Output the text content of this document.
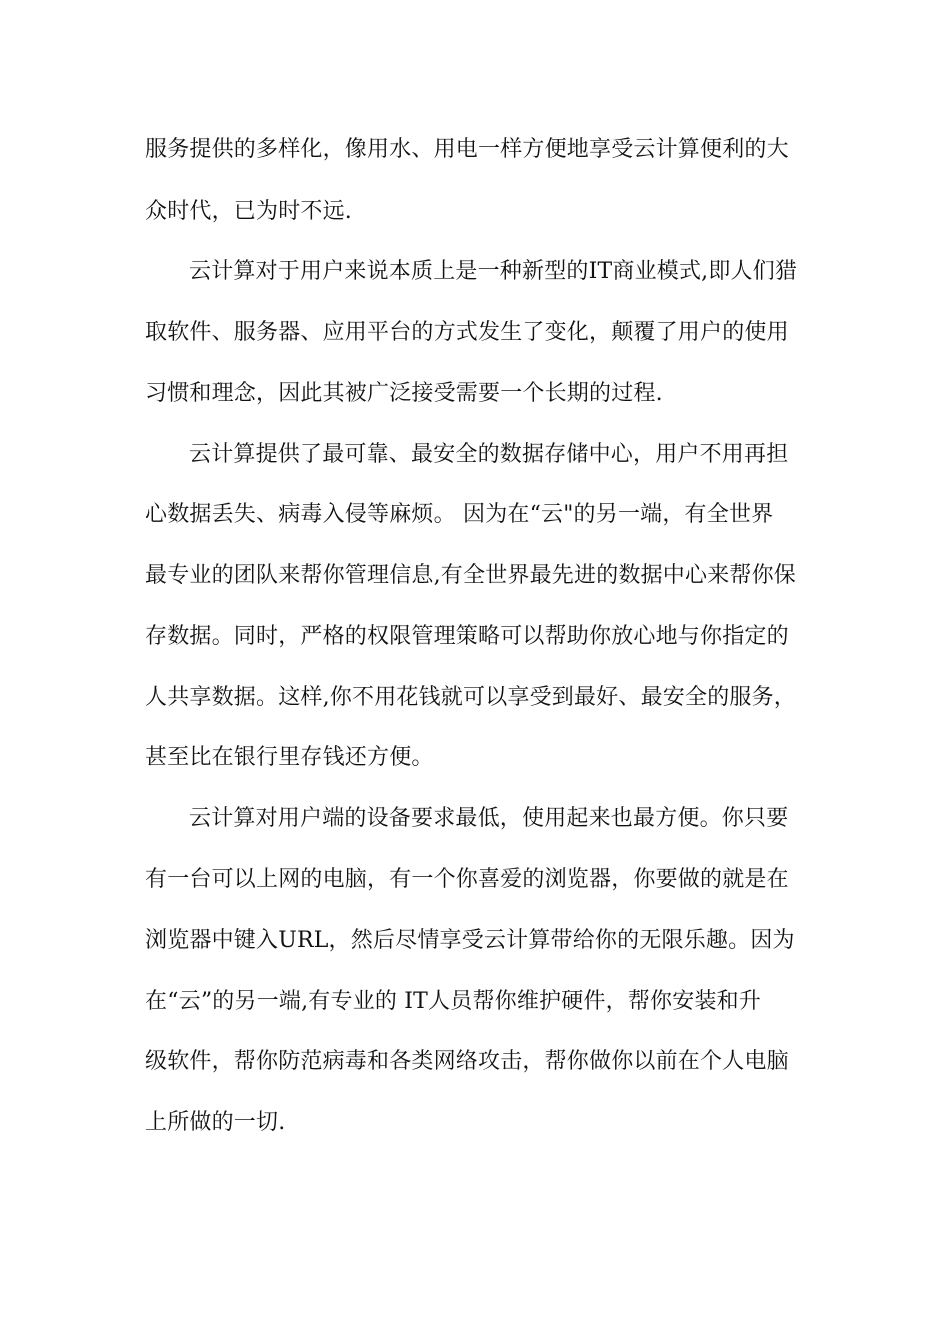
服务提供的多样化，像用水、用电一样方便地享受云计算便利的大
众时代，已为时不远.
云计算对于用户来说本质上是一种新型的IT商业模式,即人们猎
取软件、服务器、应用平台的方式发生了变化，颠覆了用户的使用
习惯和理念，因此其被广泛接受需要一个长期的过程.
云计算提供了最可靠、最安全的数据存储中心，用户不用再担
心数据丢失、病毒入侵等麻烦。 因为在“云"的另一端，有全世界
最专业的团队来帮你管理信息,有全世界最先进的数据中心来帮你保
存数据。同时，严格的权限管理策略可以帮助你放心地与你指定的
人共享数据。这样,你不用花钱就可以享受到最好、最安全的服务，
甚至比在银行里存钱还方便。
云计算对用户端的设备要求最低，使用起来也最方便。你只要
有一台可以上网的电脑，有一个你喜爱的浏览器，你要做的就是在
浏览器中键入URL，然后尽情享受云计算带给你的无限乐趣。因为
在“云”的另一端,有专业的 IT人员帮你维护硬件，帮你安装和升
级软件，帮你防范病毒和各类网络攻击，帮你做你以前在个人电脑
上所做的一切.
